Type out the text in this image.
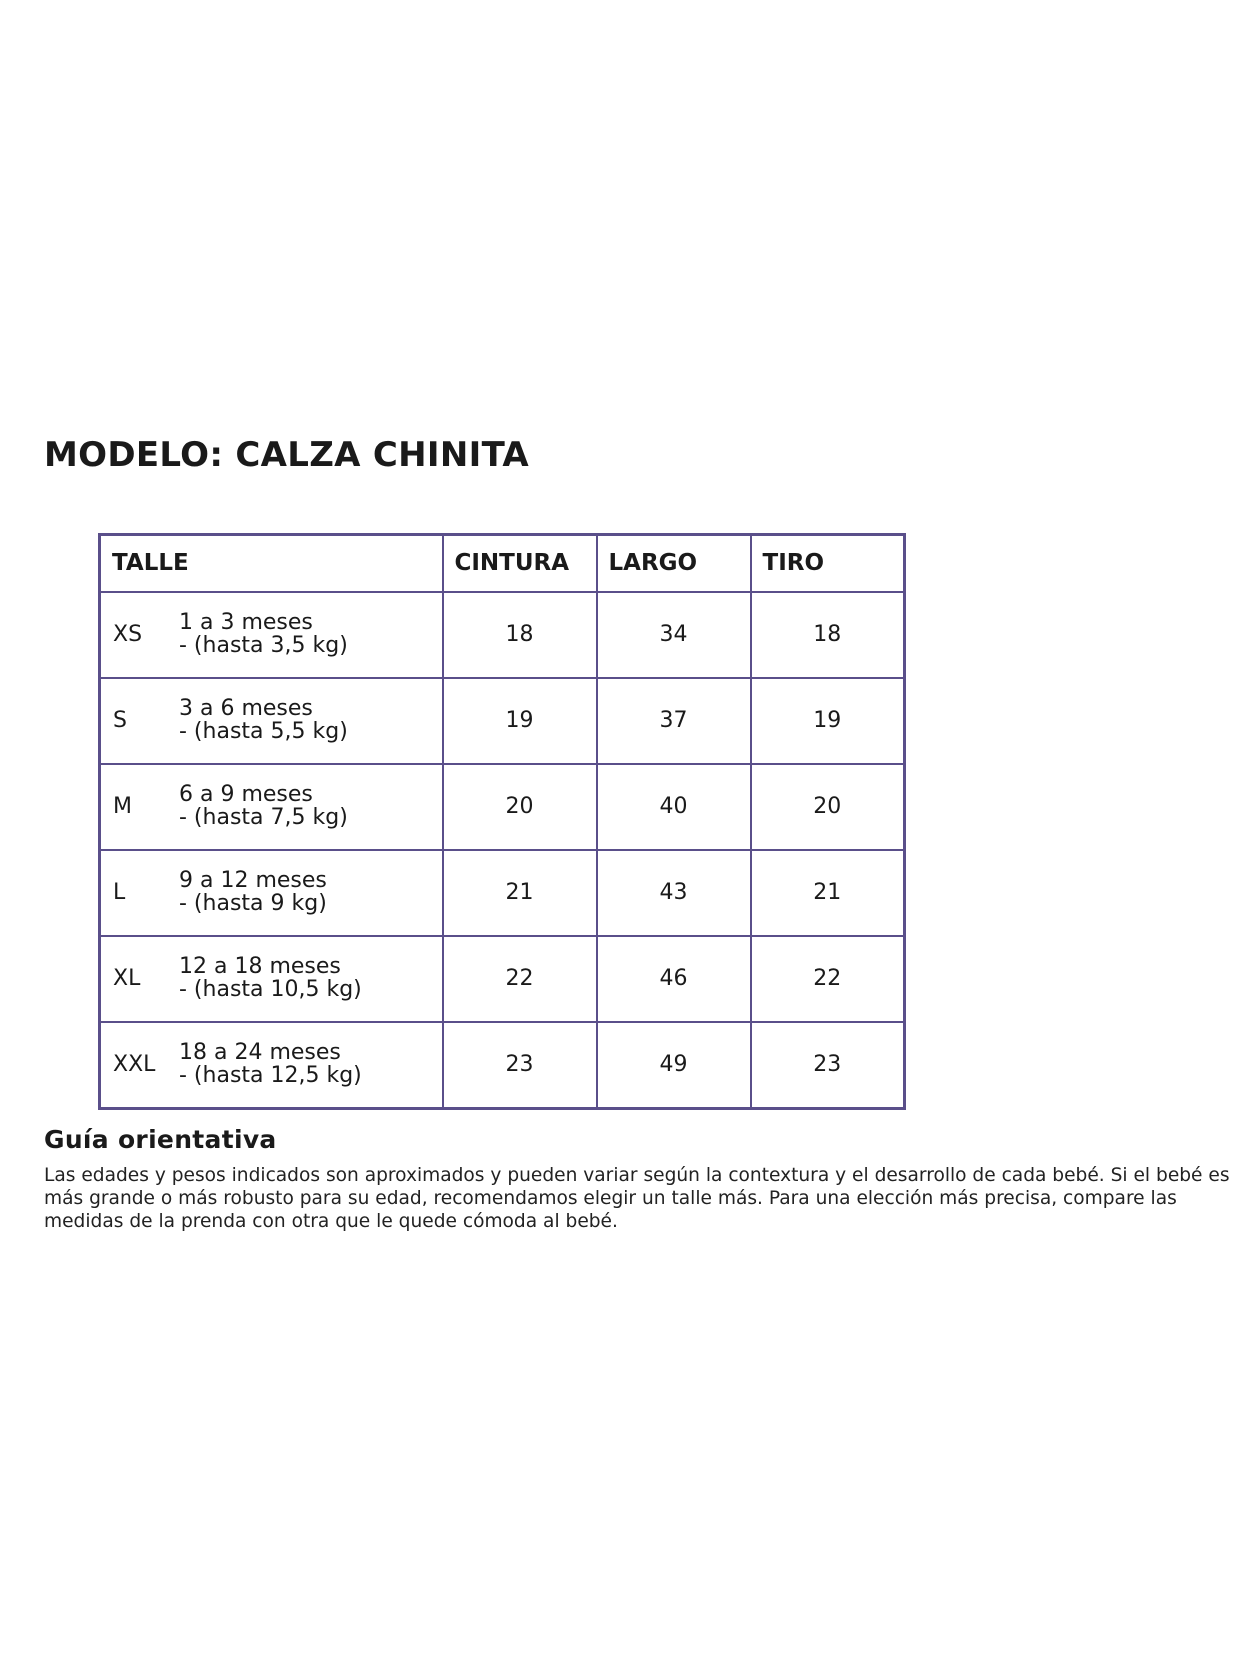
MODELO: CALZA CHINITA
TALLE	CINTURA	LARGO	TIRO

XS 1 a 3 meses
- (hasta 3,5 kg)	18	34	18

S 3 a 6 meses
- (hasta 5,5 kg)	19	37	19

M 6 a 9 meses
- (hasta 7,5 kg)	20	40	20

L 9 a 12 meses
- (hasta 9 kg)	21	43	21

XL 12 a 18 meses
- (hasta 10,5 kg)	22	46	22

XXL 18 a 24 meses
- (hasta 12,5 kg)	23	49	23
Guía orientativa

Las edades y pesos indicados son aproximados y pueden variar según la contextura y el desarrollo de cada bebé. Si el bebé es más grande o más robusto para su edad, recomendamos elegir un talle más. Para una elección más precisa, compare las medidas de la prenda con otra que le quede cómoda al bebé.
